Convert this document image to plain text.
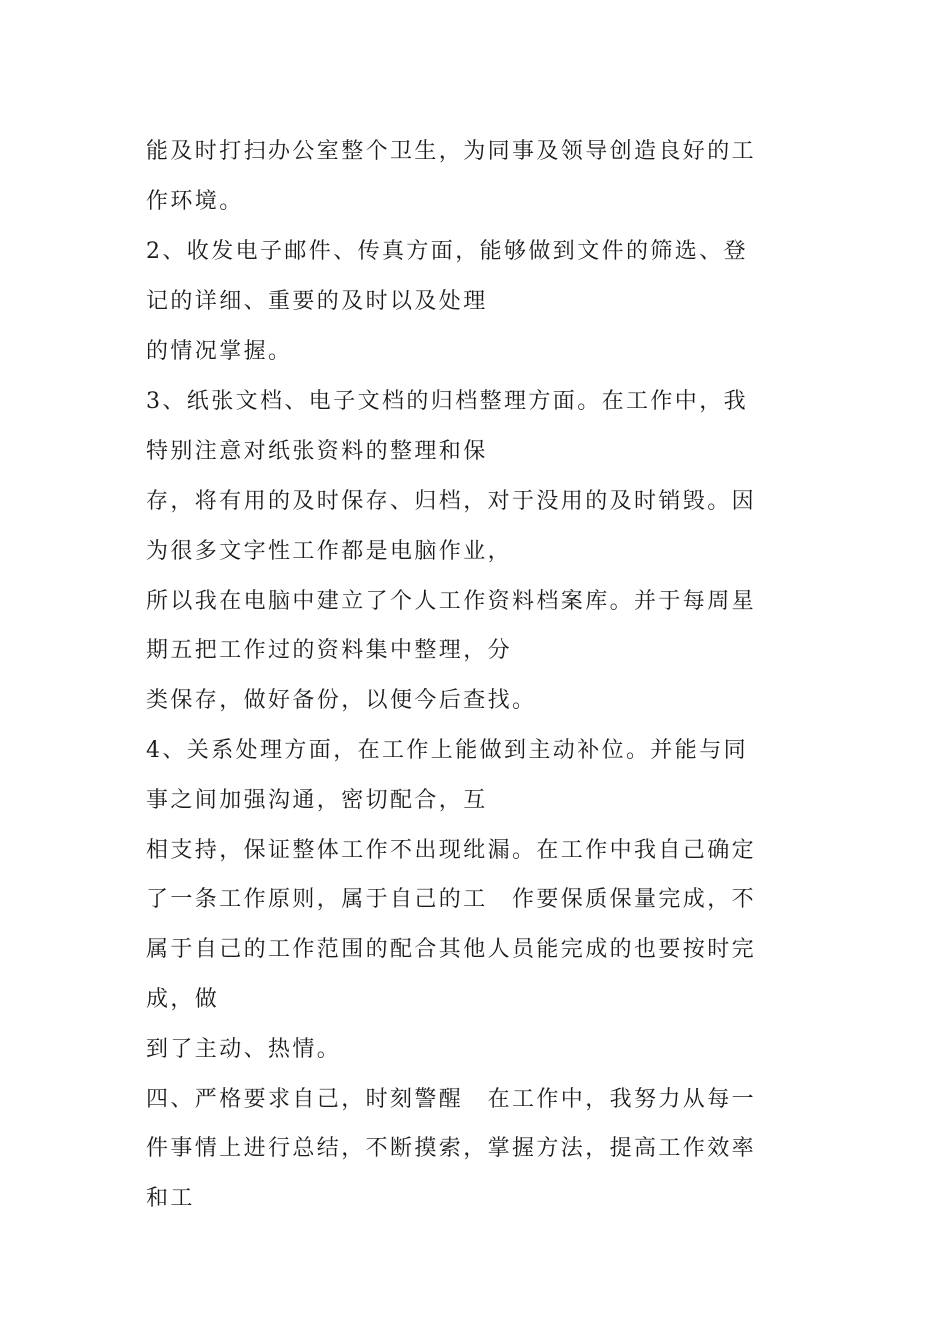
能及时打扫办公室整个卫生，为同事及领导创造良好的工

作环境。

2、收发电子邮件、传真方面，能够做到文件的筛选、登

记的详细、重要的及时以及处理

的情况掌握。

3、纸张文档、电子文档的归档整理方面。在工作中，我

特别注意对纸张资料的整理和保

存，将有用的及时保存、归档，对于没用的及时销毁。因

为很多文字性工作都是电脑作业，

所以我在电脑中建立了个人工作资料档案库。并于每周星

期五把工作过的资料集中整理，分

类保存，做好备份，以便今后查找。

4、关系处理方面，在工作上能做到主动补位。并能与同

事之间加强沟通，密切配合，互

相支持，保证整体工作不出现纰漏。在工作中我自己确定

了一条工作原则，属于自己的工　作要保质保量完成，不

属于自己的工作范围的配合其他人员能完成的也要按时完

成，做

到了主动、热情。

四、严格要求自己，时刻警醒　在工作中，我努力从每一

件事情上进行总结，不断摸索，掌握方法，提高工作效率

和工
